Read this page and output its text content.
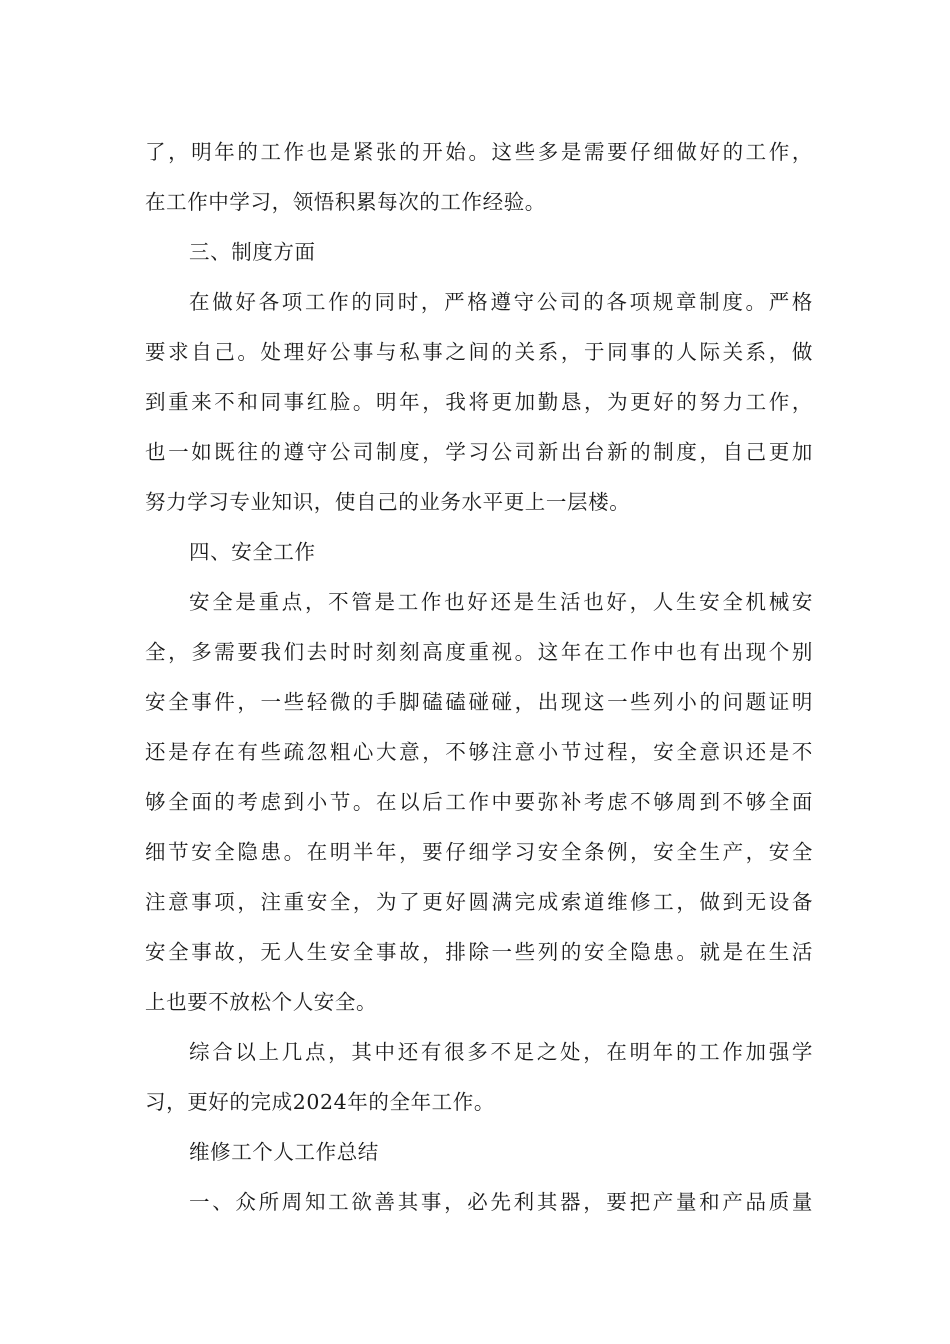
了，明年的工作也是紧张的开始。这些多是需要仔细做好的工作，
在工作中学习，领悟积累每次的工作经验。

三、制度方面

在做好各项工作的同时，严格遵守公司的各项规章制度。严格
要求自己。处理好公事与私事之间的关系，于同事的人际关系，做
到重来不和同事红脸。明年，我将更加勤恳，为更好的努力工作，
也一如既往的遵守公司制度，学习公司新出台新的制度，自己更加
努力学习专业知识，使自己的业务水平更上一层楼。

四、安全工作

安全是重点，不管是工作也好还是生活也好，人生安全机械安
全，多需要我们去时时刻刻高度重视。这年在工作中也有出现个别
安全事件，一些轻微的手脚磕磕碰碰，出现这一些列小的问题证明
还是存在有些疏忽粗心大意，不够注意小节过程，安全意识还是不
够全面的考虑到小节。在以后工作中要弥补考虑不够周到不够全面
细节安全隐患。在明半年，要仔细学习安全条例，安全生产，安全
注意事项，注重安全，为了更好圆满完成索道维修工，做到无设备
安全事故，无人生安全事故，排除一些列的安全隐患。就是在生活
上也要不放松个人安全。

综合以上几点，其中还有很多不足之处，在明年的工作加强学
习，更好的完成2024年的全年工作。

维修工个人工作总结

一、众所周知工欲善其事，必先利其器，要把产量和产品质量
